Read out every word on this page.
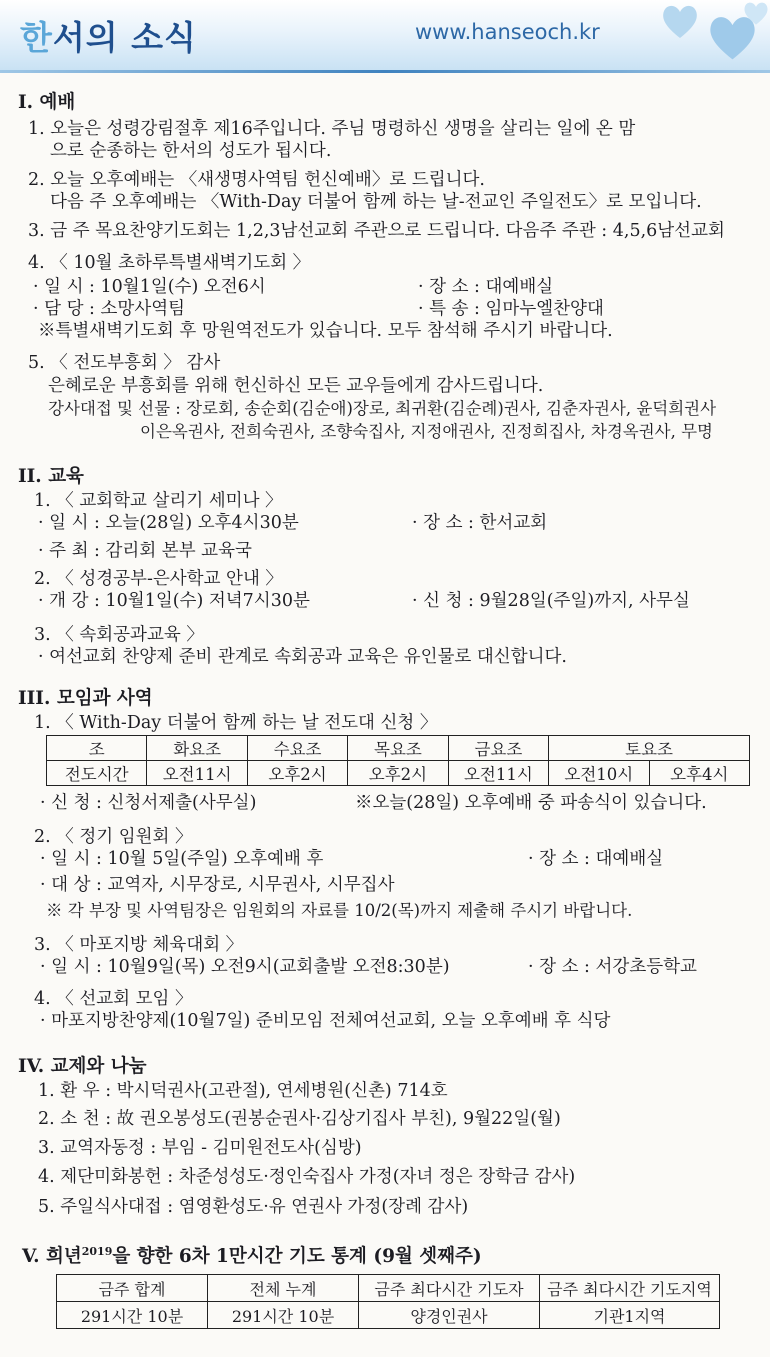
한서의 소식	www.hanseoch.kr
I. 예배
1. 오늘은 성령강림절후 제16주입니다. 주님 명령하신 생명을 살리는 일에 온 맘
으로 순종하는 한서의 성도가 됩시다.
2. 오늘 오후예배는 〈새생명사역팀 헌신예배〉로 드립니다.
다음 주 오후예배는 〈With-Day 더불어 함께 하는 날-전교인 주일전도〉로 모입니다.
3. 금 주 목요찬양기도회는 1,2,3남선교회 주관으로 드립니다. 다음주 주관 : 4,5,6남선교회
4. 〈 10월 초하루특별새벽기도회 〉
· 일 시 : 10월1일(수) 오전6시	· 장 소 : 대예배실
· 담 당 : 소망사역팀	· 특 송 : 임마누엘찬양대
※특별새벽기도회 후 망원역전도가 있습니다. 모두 참석해 주시기 바랍니다.
5. 〈 전도부흥회 〉 감사
은혜로운 부흥회를 위해 헌신하신 모든 교우들에게 감사드립니다.
강사대접 및 선물 : 장로회, 송순회(김순애)장로, 최귀환(김순례)권사, 김춘자권사, 윤덕희권사
이은옥권사, 전희숙권사, 조향숙집사, 지정애권사, 진정희집사, 차경옥권사, 무명
II. 교육
1. 〈 교회학교 살리기 세미나 〉
· 일 시 : 오늘(28일) 오후4시30분	· 장 소 : 한서교회
· 주 최 : 감리회 본부 교육국
2. 〈 성경공부-은사학교 안내 〉
· 개 강 : 10월1일(수) 저녁7시30분	· 신 청 : 9월28일(주일)까지, 사무실
3. 〈 속회공과교육 〉
· 여선교회 찬양제 준비 관계로 속회공과 교육은 유인물로 대신합니다.
III. 모임과 사역
1. 〈 With-Day 더불어 함께 하는 날 전도대 신청 〉
조	화요조	수요조	목요조	금요조	토요조	
전도시간	오전11시	오후2시	오후2시	오전11시	오전10시	오후4시
· 신 청 : 신청서제출(사무실)	※오늘(28일) 오후예배 중 파송식이 있습니다.
2. 〈 정기 임원회 〉
· 일 시 : 10월 5일(주일) 오후예배 후	· 장 소 : 대예배실
· 대 상 : 교역자, 시무장로, 시무권사, 시무집사
※ 각 부장 및 사역팀장은 임원회의 자료를 10/2(목)까지 제출해 주시기 바랍니다.
3. 〈 마포지방 체육대회 〉
· 일 시 : 10월9일(목) 오전9시(교회출발 오전8:30분)	· 장 소 : 서강초등학교
4. 〈 선교회 모임 〉
· 마포지방찬양제(10월7일) 준비모임 전체여선교회, 오늘 오후예배 후 식당
IV. 교제와 나눔
1. 환 우 : 박시덕권사(고관절), 연세병원(신촌) 714호
2. 소 천 : 故 권오봉성도(권봉순권사·김상기집사 부친), 9월22일(월)
3. 교역자동정 : 부임 - 김미원전도사(심방)
4. 제단미화봉헌 : 차준성성도·정인숙집사 가정(자녀 정은 장학금 감사)
5. 주일식사대접 : 염영환성도·유 연권사 가정(장례 감사)
V. 희년$^{2019}$을 향한 6차 1만시간 기도 통계 (9월 셋째주)
금주 합계	전체 누계	금주 최다시간 기도자	금주 최다시간 기도지역
291시간 10분	291시간 10분	양경인권사	기관1지역
